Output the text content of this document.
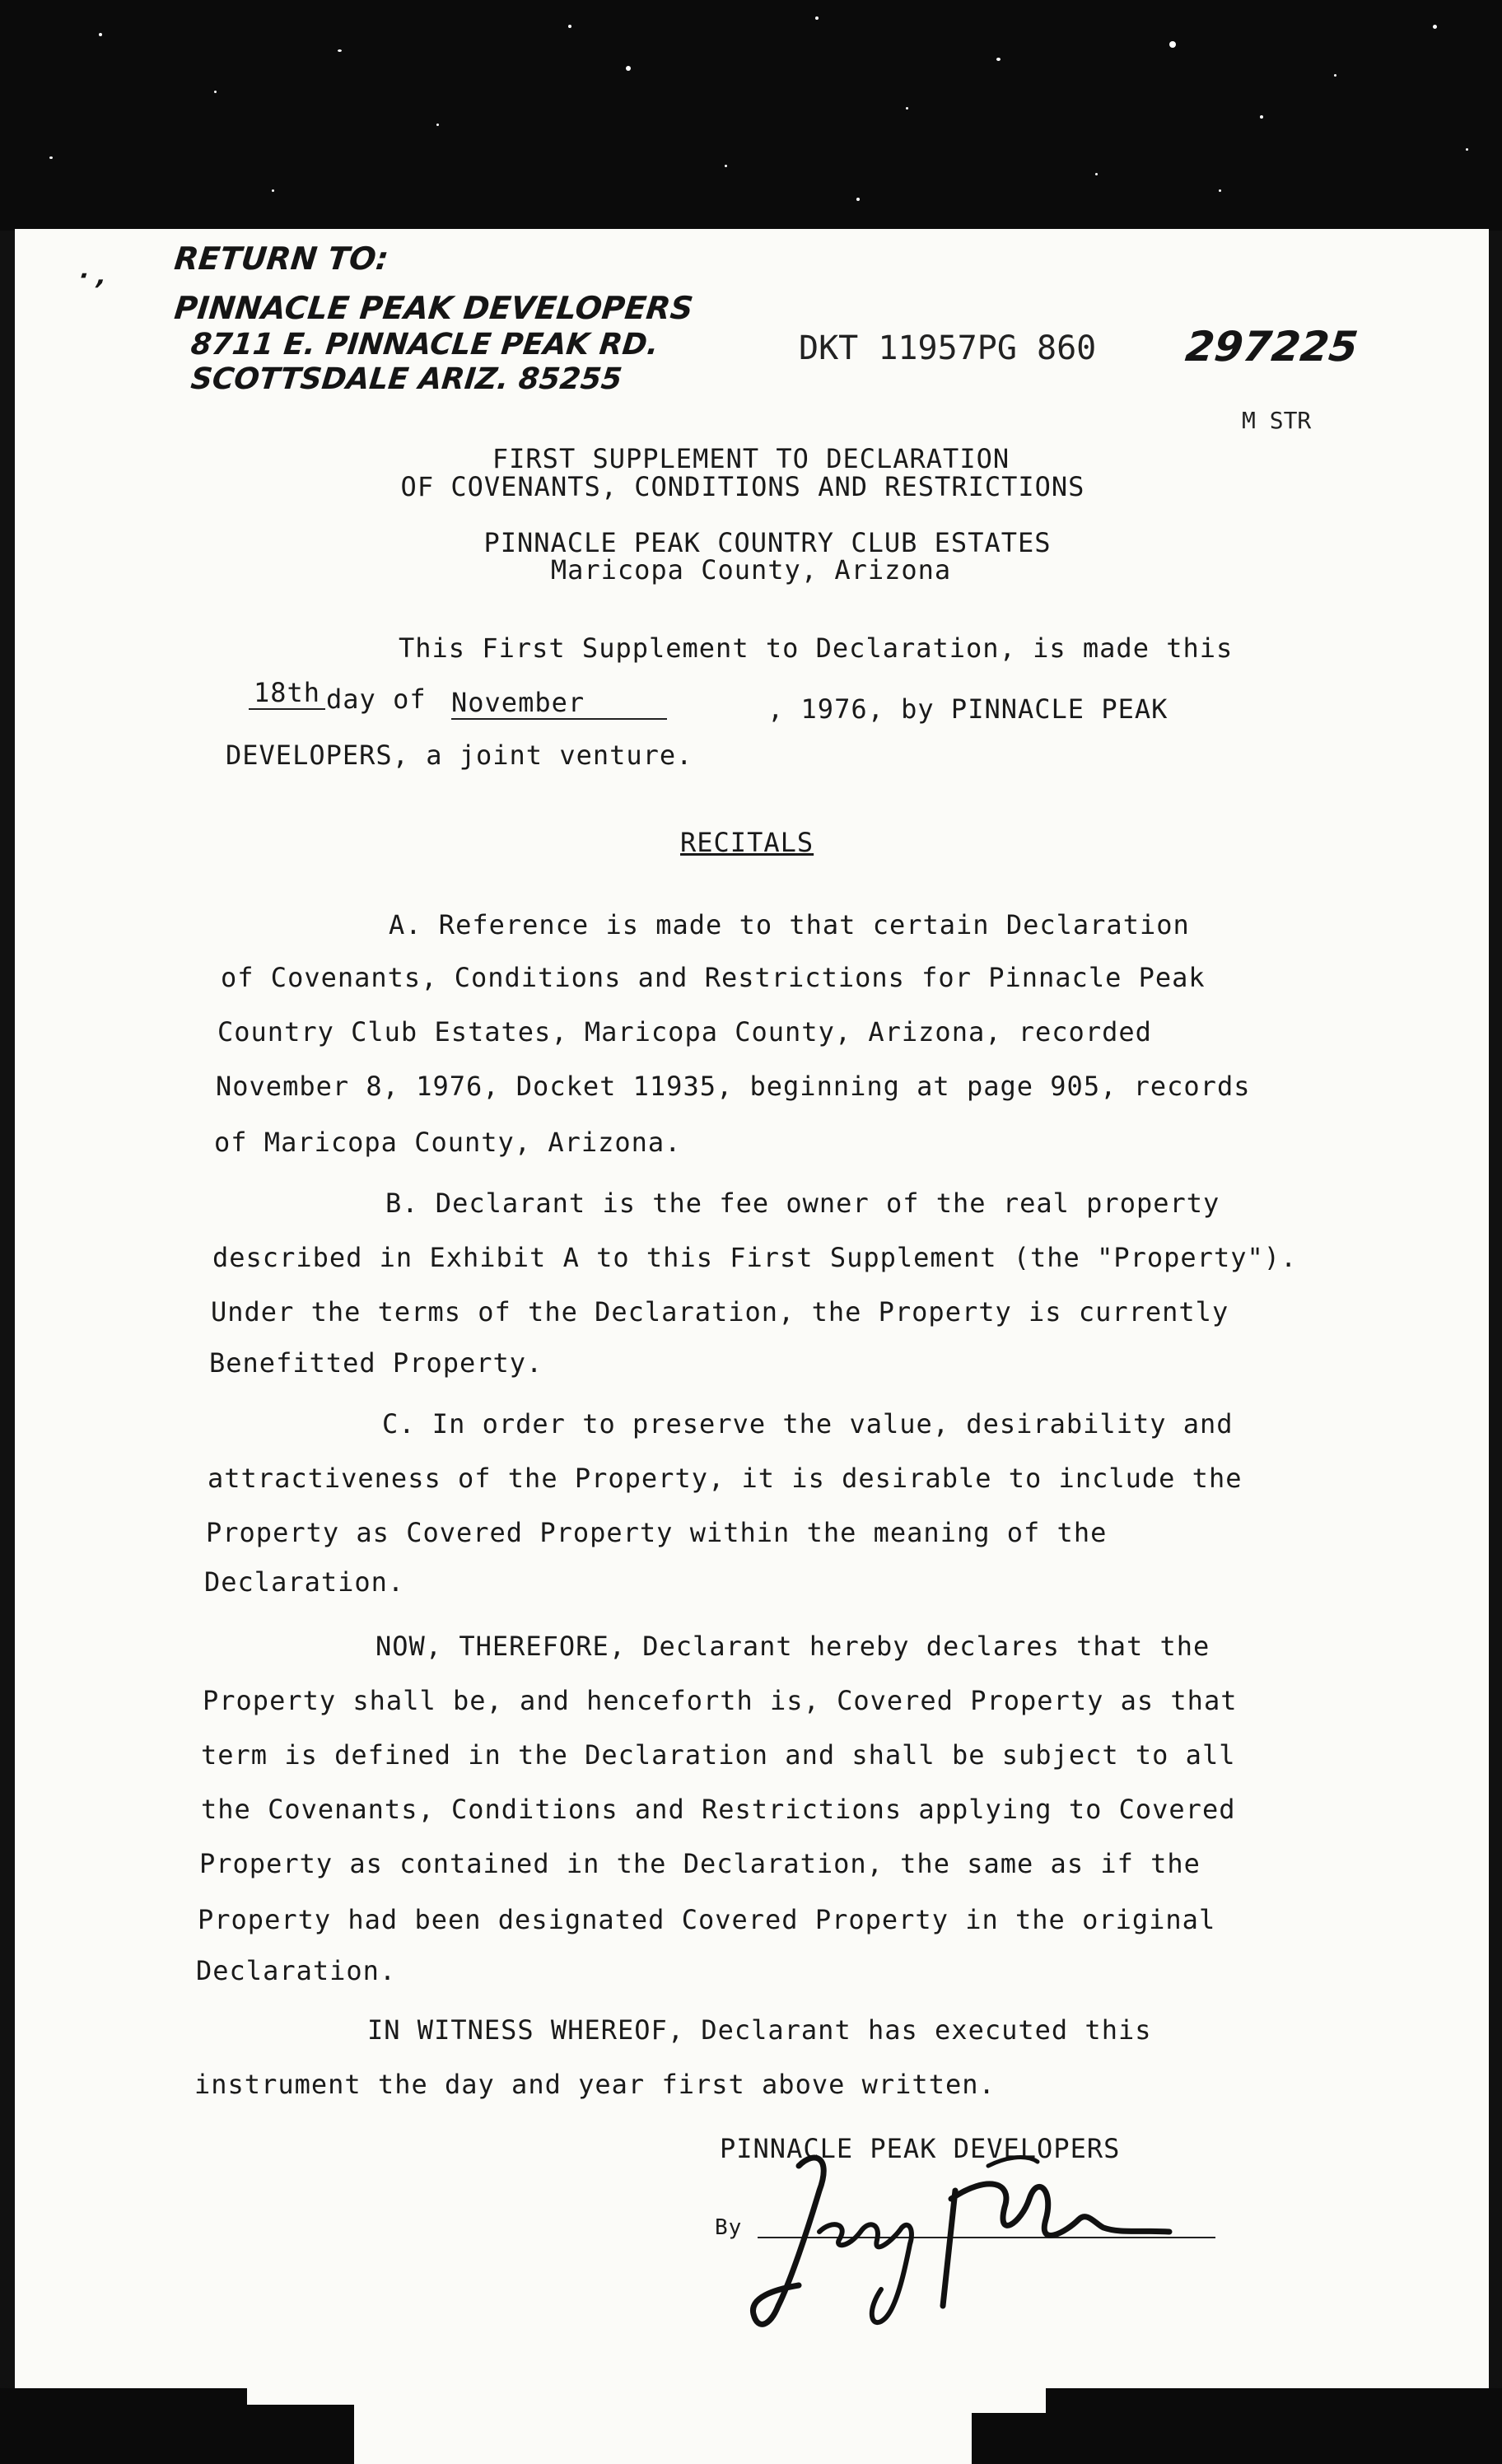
RETURN TO:
PINNACLE PEAK DEVELOPERS
8711 E. PINNACLE PEAK RD.
SCOTTSDALE ARIZ. 85255
· ,
DKT 11957PG 860 297225
M STR
FIRST SUPPLEMENT TO DECLARATION
OF COVENANTS, CONDITIONS AND RESTRICTIONS
PINNACLE PEAK COUNTRY CLUB ESTATES
Maricopa County, Arizona
This First Supplement to Declaration, is made this
18th day of November	, 1976, by PINNACLE PEAK
DEVELOPERS, a joint venture.
RECITALS
A. Reference is made to that certain Declaration
of Covenants, Conditions and Restrictions for Pinnacle Peak
Country Club Estates, Maricopa County, Arizona, recorded
November 8, 1976, Docket 11935, beginning at page 905, records
of Maricopa County, Arizona.
B. Declarant is the fee owner of the real property
described in Exhibit A to this First Supplement (the "Property").
Under the terms of the Declaration, the Property is currently
Benefitted Property.
C. In order to preserve the value, desirability and
attractiveness of the Property, it is desirable to include the
Property as Covered Property within the meaning of the
Declaration.
NOW, THEREFORE, Declarant hereby declares that the
Property shall be, and henceforth is, Covered Property as that
term is defined in the Declaration and shall be subject to all
the Covenants, Conditions and Restrictions applying to Covered
Property as contained in the Declaration, the same as if the
Property had been designated Covered Property in the original
Declaration.
IN WITNESS WHEREOF, Declarant has executed this
instrument the day and year first above written.
PINNACLE PEAK DEVELOPERS
By
